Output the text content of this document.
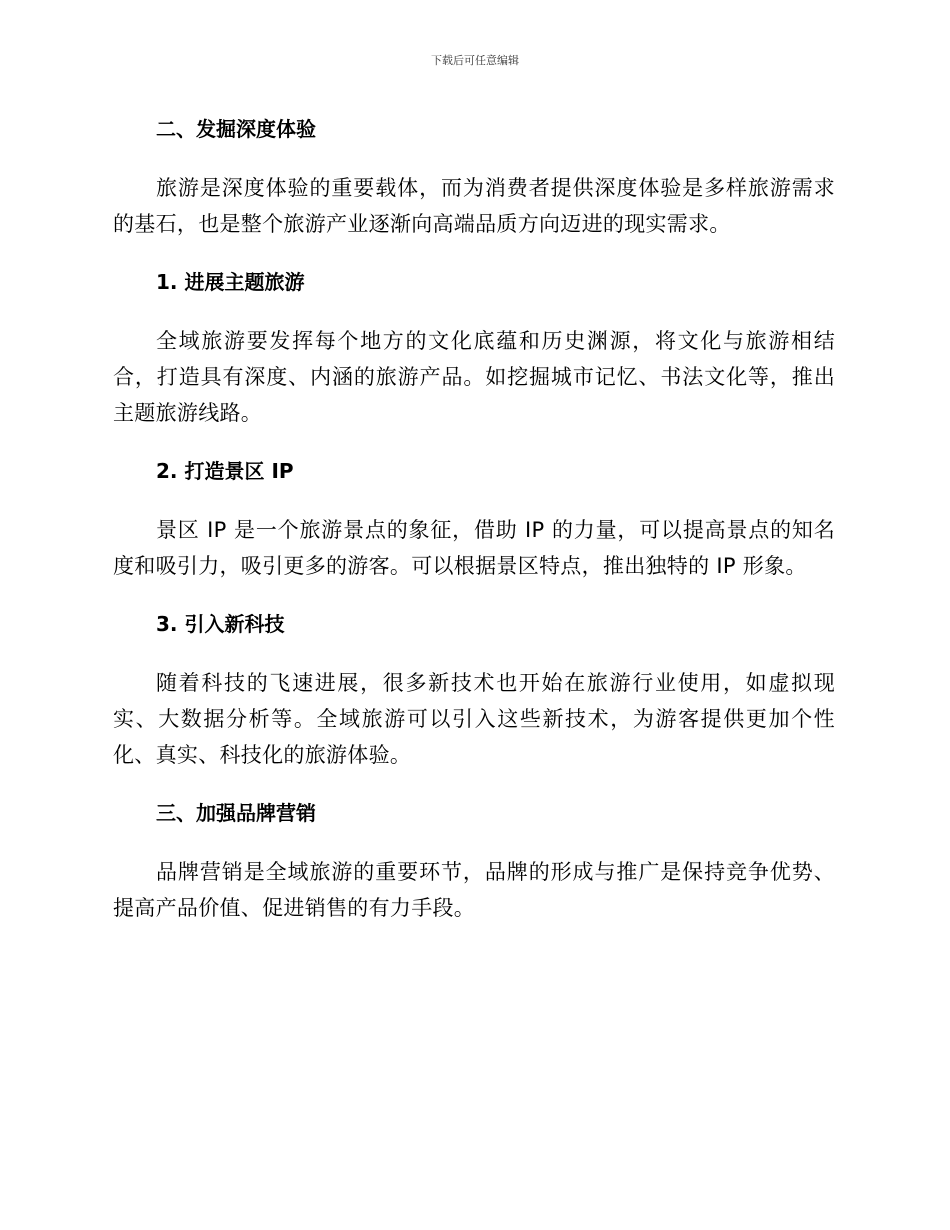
下载后可任意编辑
二、发掘深度体验

旅游是深度体验的重要载体，而为消费者提供深度体验是多样旅游需求的基石，也是整个旅游产业逐渐向高端品质方向迈进的现实需求。

1. 进展主题旅游

全域旅游要发挥每个地方的文化底蕴和历史渊源，将文化与旅游相结合，打造具有深度、内涵的旅游产品。如挖掘城市记忆、书法文化等，推出主题旅游线路。

2. 打造景区 IP

景区 IP 是一个旅游景点的象征，借助 IP 的力量，可以提高景点的知名度和吸引力，吸引更多的游客。可以根据景区特点，推出独特的 IP 形象。

3. 引入新科技

随着科技的飞速进展，很多新技术也开始在旅游行业使用，如虚拟现实、大数据分析等。全域旅游可以引入这些新技术，为游客提供更加个性化、真实、科技化的旅游体验。

三、加强品牌营销

品牌营销是全域旅游的重要环节，品牌的形成与推广是保持竞争优势、提高产品价值、促进销售的有力手段。
